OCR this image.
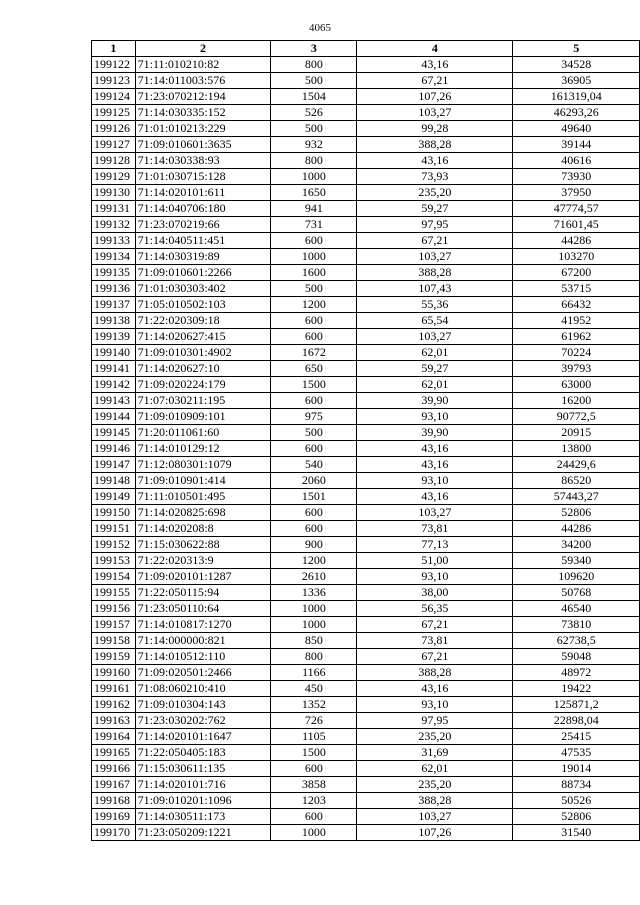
4065
1	2	3	4	5
199122	71:11:010210:82	800	43,16	34528
199123	71:14:011003:576	500	67,21	36905
199124	71:23:070212:194	1504	107,26	161319,04
199125	71:14:030335:152	526	103,27	46293,26
199126	71:01:010213:229	500	99,28	49640
199127	71:09:010601:3635	932	388,28	39144
199128	71:14:030338:93	800	43,16	40616
199129	71:01:030715:128	1000	73,93	73930
199130	71:14:020101:611	1650	235,20	37950
199131	71:14:040706:180	941	59,27	47774,57
199132	71:23:070219:66	731	97,95	71601,45
199133	71:14:040511:451	600	67,21	44286
199134	71:14:030319:89	1000	103,27	103270
199135	71:09:010601:2266	1600	388,28	67200
199136	71:01:030303:402	500	107,43	53715
199137	71:05:010502:103	1200	55,36	66432
199138	71:22:020309:18	600	65,54	41952
199139	71:14:020627:415	600	103,27	61962
199140	71:09:010301:4902	1672	62,01	70224
199141	71:14:020627:10	650	59,27	39793
199142	71:09:020224:179	1500	62,01	63000
199143	71:07:030211:195	600	39,90	16200
199144	71:09:010909:101	975	93,10	90772,5
199145	71:20:011061:60	500	39,90	20915
199146	71:14:010129:12	600	43,16	13800
199147	71:12:080301:1079	540	43,16	24429,6
199148	71:09:010901:414	2060	93,10	86520
199149	71:11:010501:495	1501	43,16	57443,27
199150	71:14:020825:698	600	103,27	52806
199151	71:14:020208:8	600	73,81	44286
199152	71:15:030622:88	900	77,13	34200
199153	71:22:020313:9	1200	51,00	59340
199154	71:09:020101:1287	2610	93,10	109620
199155	71:22:050115:94	1336	38,00	50768
199156	71:23:050110:64	1000	56,35	46540
199157	71:14:010817:1270	1000	67,21	73810
199158	71:14:000000:821	850	73,81	62738,5
199159	71:14:010512:110	800	67,21	59048
199160	71:09:020501:2466	1166	388,28	48972
199161	71:08:060210:410	450	43,16	19422
199162	71:09:010304:143	1352	93,10	125871,2
199163	71:23:030202:762	726	97,95	22898,04
199164	71:14:020101:1647	1105	235,20	25415
199165	71:22:050405:183	1500	31,69	47535
199166	71:15:030611:135	600	62,01	19014
199167	71:14:020101:716	3858	235,20	88734
199168	71:09:010201:1096	1203	388,28	50526
199169	71:14:030511:173	600	103,27	52806
199170	71:23:050209:1221	1000	107,26	31540
